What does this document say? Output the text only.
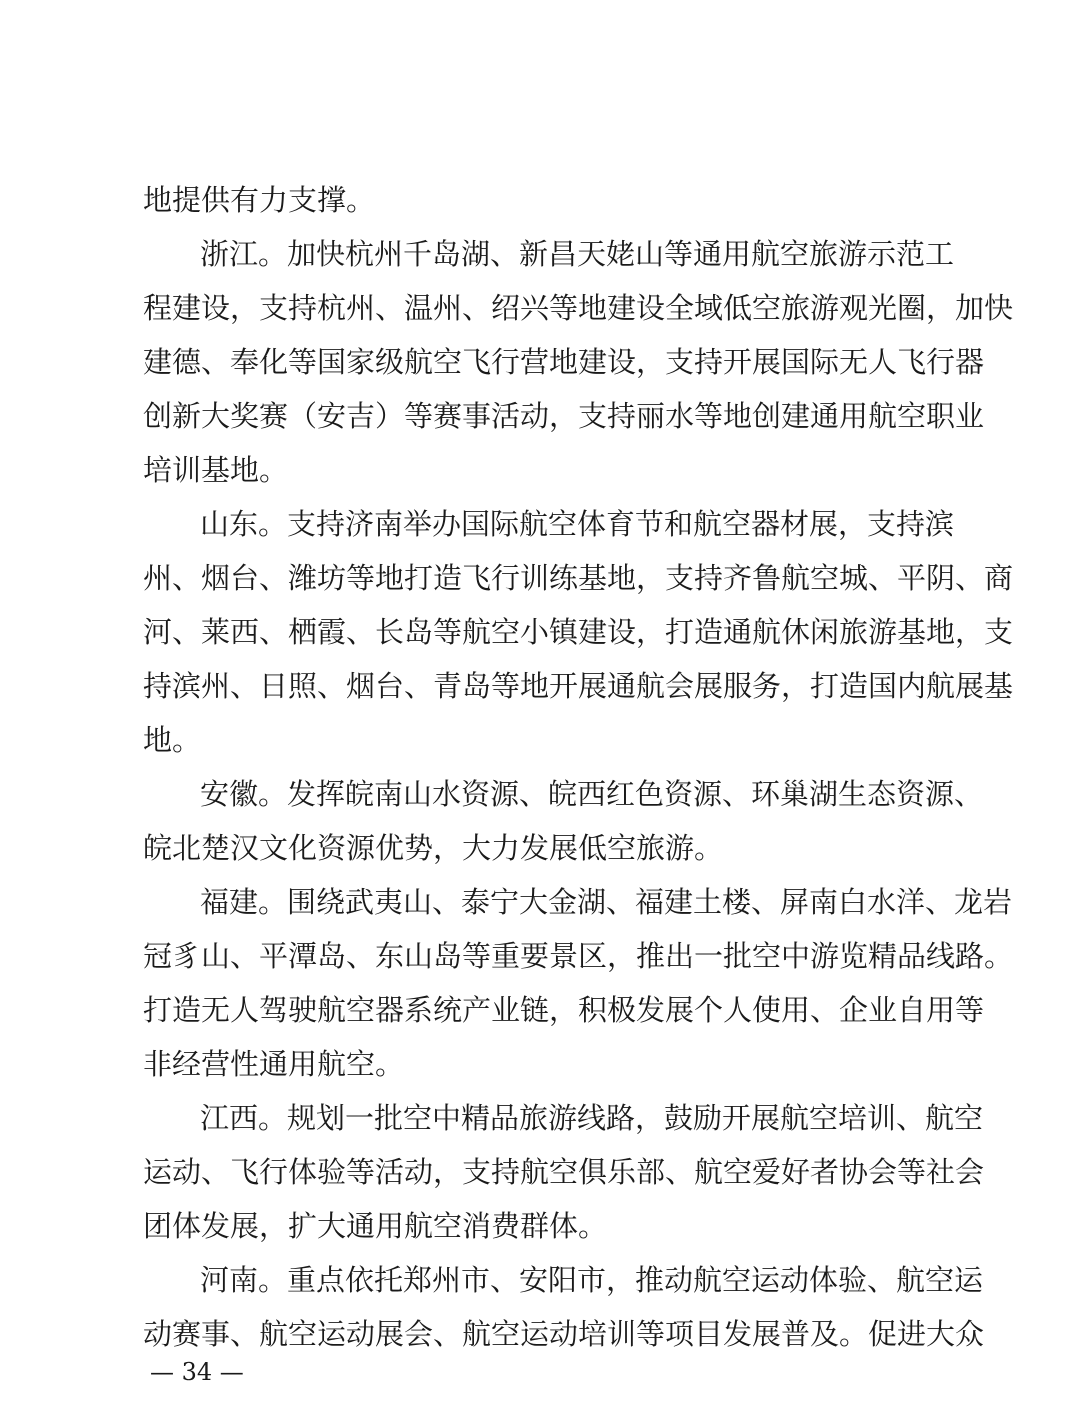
地提供有力支撑。
浙江。加快杭州千岛湖、新昌天姥山等通用航空旅游示范工
程建设，支持杭州、温州、绍兴等地建设全域低空旅游观光圈，加快
建德、奉化等国家级航空飞行营地建设，支持开展国际无人飞行器
创新大奖赛（安吉）等赛事活动，支持丽水等地创建通用航空职业
培训基地。
山东。支持济南举办国际航空体育节和航空器材展，支持滨
州、烟台、潍坊等地打造飞行训练基地，支持齐鲁航空城、平阴、商
河、莱西、栖霞、长岛等航空小镇建设，打造通航休闲旅游基地，支
持滨州、日照、烟台、青岛等地开展通航会展服务，打造国内航展基
地。
安徽。发挥皖南山水资源、皖西红色资源、环巢湖生态资源、
皖北楚汉文化资源优势，大力发展低空旅游。
福建。围绕武夷山、泰宁大金湖、福建土楼、屏南白水洋、龙岩
冠豸山、平潭岛、东山岛等重要景区，推出一批空中游览精品线路。
打造无人驾驶航空器系统产业链，积极发展个人使用、企业自用等
非经营性通用航空。
江西。规划一批空中精品旅游线路，鼓励开展航空培训、航空
运动、飞行体验等活动，支持航空俱乐部、航空爱好者协会等社会
团体发展，扩大通用航空消费群体。
河南。重点依托郑州市、安阳市，推动航空运动体验、航空运
动赛事、航空运动展会、航空运动培训等项目发展普及。促进大众
— 34 —
